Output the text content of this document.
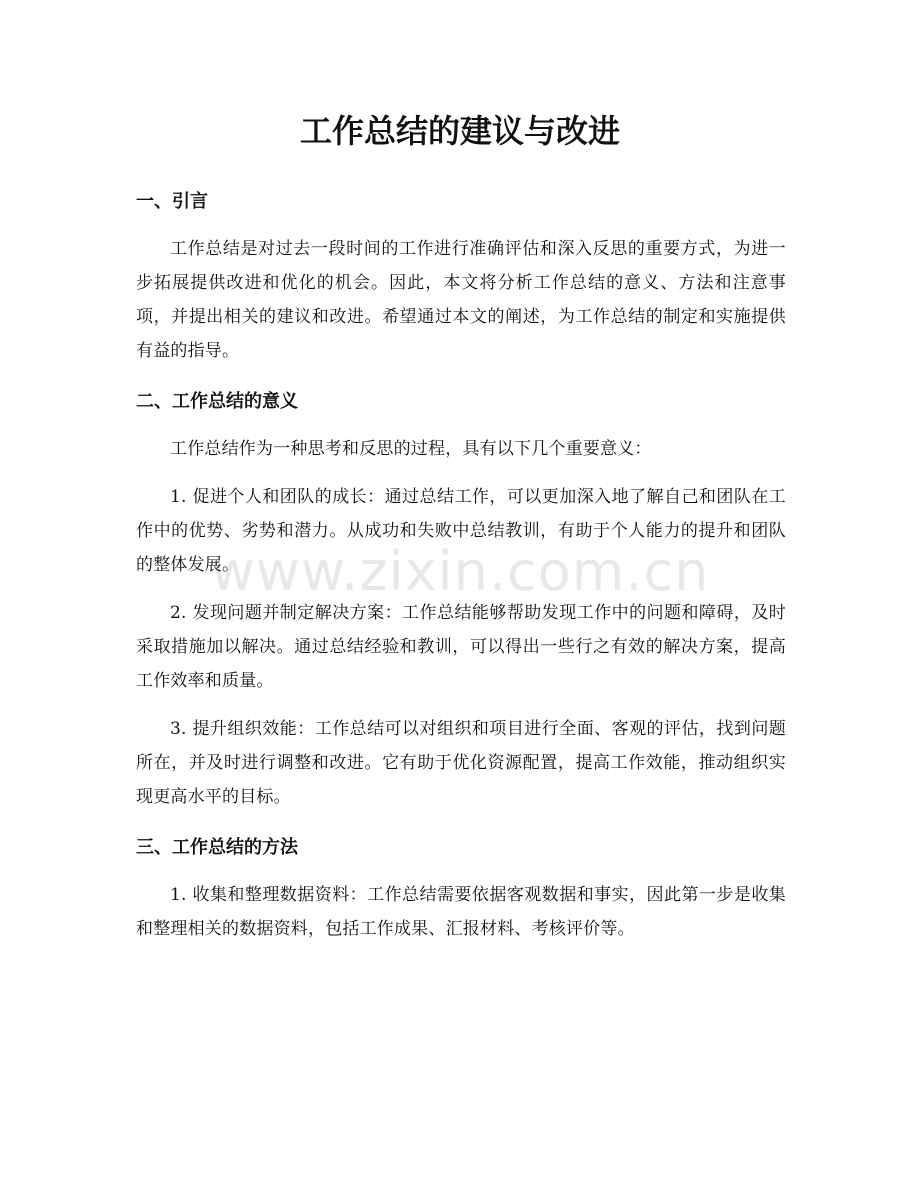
工作总结的建议与改进
一、引言

工作总结是对过去一段时间的工作进行准确评估和深入反思的重要方式，为进一步拓展提供改进和优化的机会。因此，本文将分析工作总结的意义、方法和注意事项，并提出相关的建议和改进。希望通过本文的阐述，为工作总结的制定和实施提供有益的指导。

二、工作总结的意义

工作总结作为一种思考和反思的过程，具有以下几个重要意义：

1. 促进个人和团队的成长：通过总结工作，可以更加深入地了解自己和团队在工作中的优势、劣势和潜力。从成功和失败中总结教训，有助于个人能力的提升和团队的整体发展。

2. 发现问题并制定解决方案：工作总结能够帮助发现工作中的问题和障碍，及时采取措施加以解决。通过总结经验和教训，可以得出一些行之有效的解决方案，提高工作效率和质量。

3. 提升组织效能：工作总结可以对组织和项目进行全面、客观的评估，找到问题所在，并及时进行调整和改进。它有助于优化资源配置，提高工作效能，推动组织实现更高水平的目标。

三、工作总结的方法

1. 收集和整理数据资料：工作总结需要依据客观数据和事实，因此第一步是收集和整理相关的数据资料，包括工作成果、汇报材料、考核评价等。

www.zixin.com.cn
